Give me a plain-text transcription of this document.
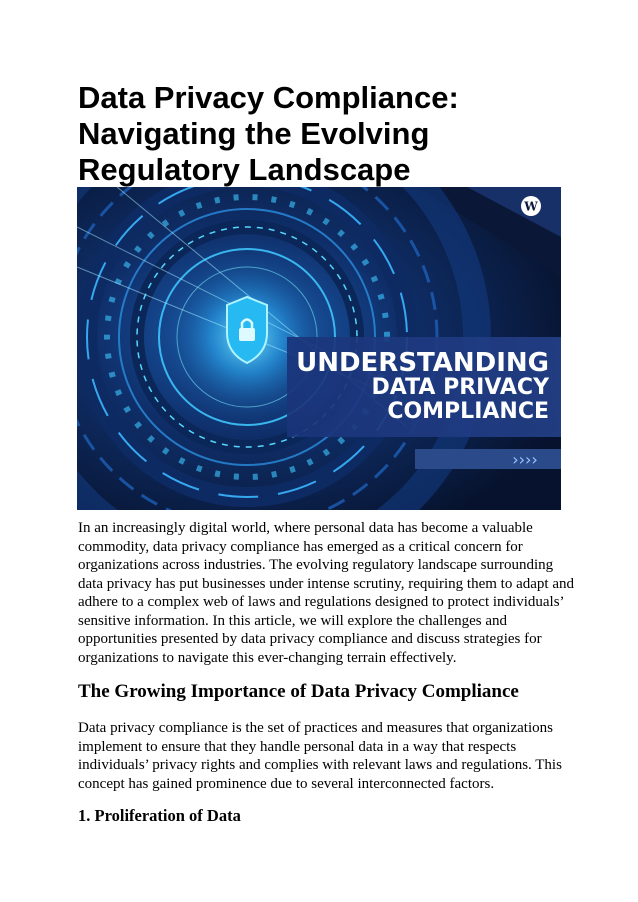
Data Privacy Compliance:
Navigating the Evolving
Regulatory Landscape
W
UNDERSTANDING
DATA PRIVACY
COMPLIANCE
››››

In an increasingly digital world, where personal data has become a valuable
commodity, data privacy compliance has emerged as a critical concern for
organizations across industries. The evolving regulatory landscape surrounding
data privacy has put businesses under intense scrutiny, requiring them to adapt and
adhere to a complex web of laws and regulations designed to protect individuals’
sensitive information. In this article, we will explore the challenges and
opportunities presented by data privacy compliance and discuss strategies for
organizations to navigate this ever-changing terrain effectively.

The Growing Importance of Data Privacy Compliance

Data privacy compliance is the set of practices and measures that organizations
implement to ensure that they handle personal data in a way that respects
individuals’ privacy rights and complies with relevant laws and regulations. This
concept has gained prominence due to several interconnected factors.

1. Proliferation of Data
